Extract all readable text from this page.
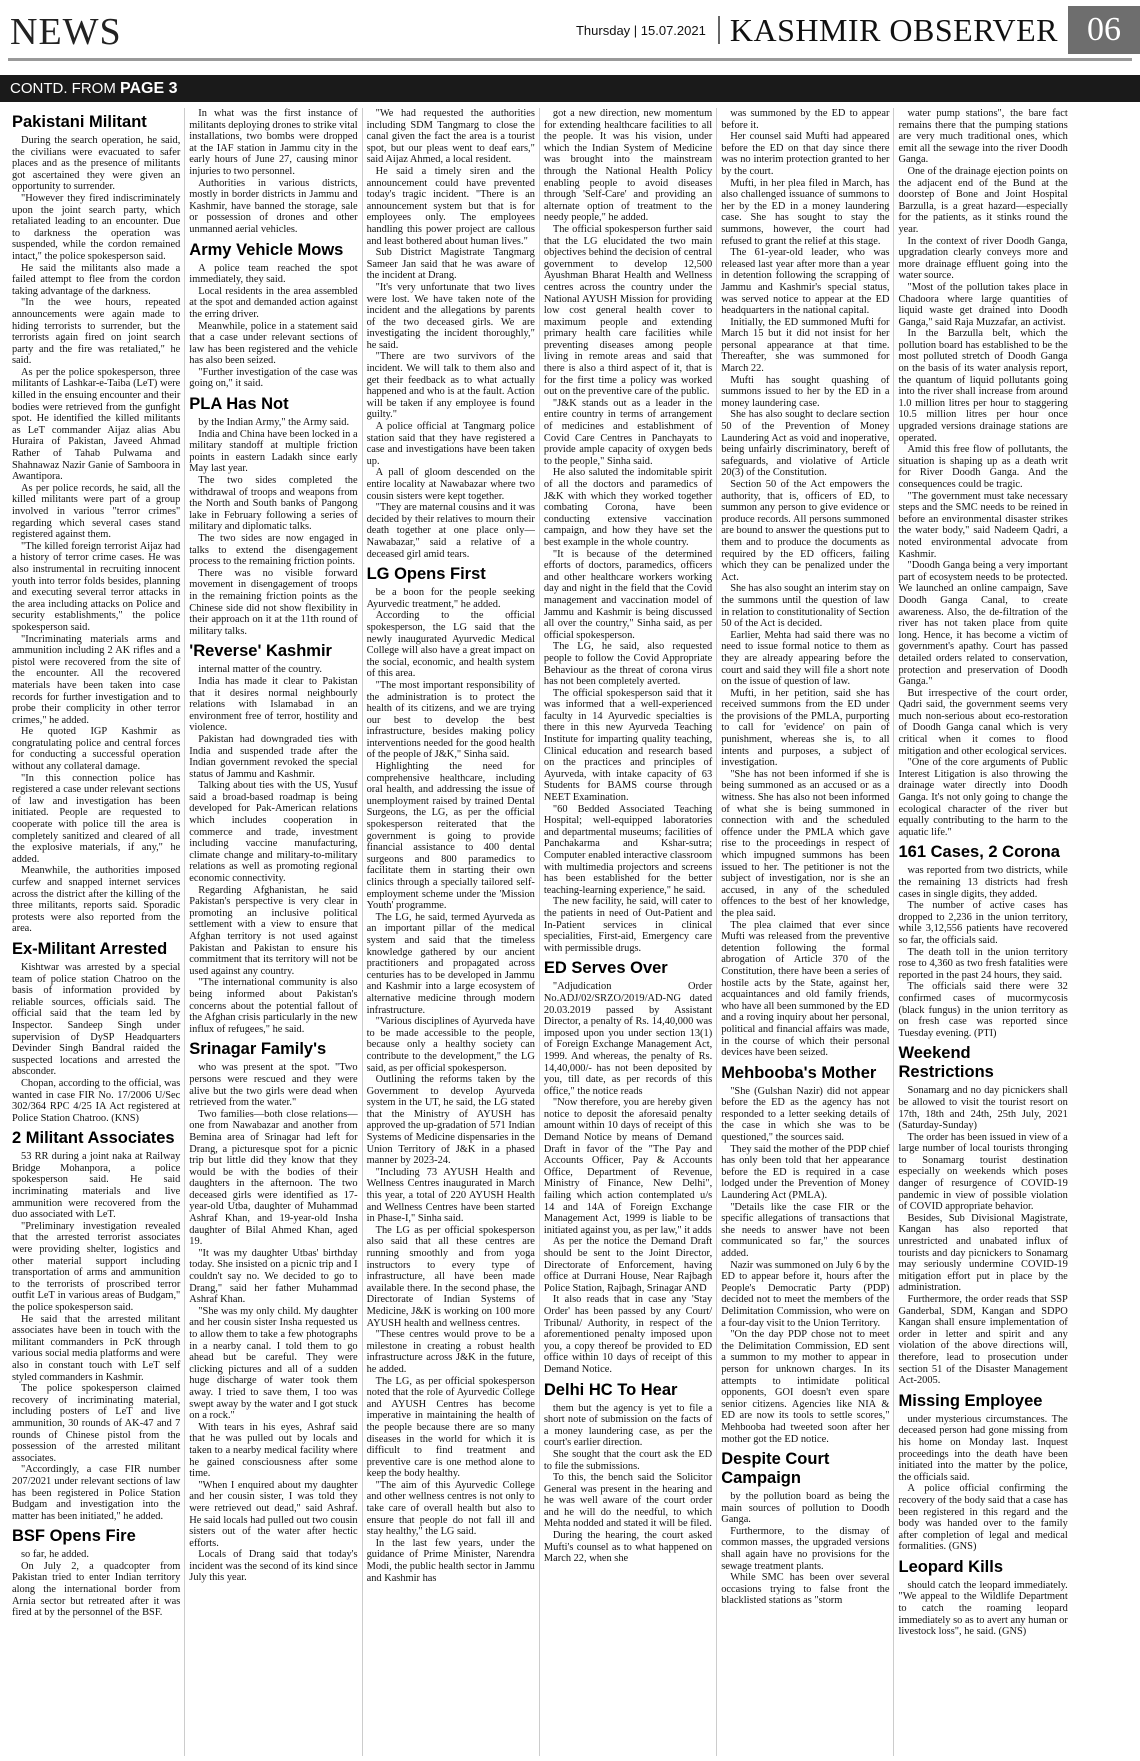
NEWS	Thursday | 15.07.2021 KASHMIR OBSERVER 06
CONTD. FROM PAGE 3
Pakistani Militant

During the search operation, he said, the civilians were evacuated to safer places and as the presence of militants got ascertained they were given an opportunity to surrender.

"However they fired indiscriminately upon the joint search party, which retaliated leading to an encounter. Due to darkness the operation was suspended, while the cordon remained intact," the police spokesperson said.

He said the militants also made a failed attempt to flee from the cordon taking advantage of the darkness.

"In the wee hours, repeated announcements were again made to hiding terrorists to surrender, but the terrorists again fired on joint search party and the fire was retaliated," he said.

As per the police spokesperson, three militants of Lashkar-e-Taiba (LeT) were killed in the ensuing encounter and their bodies were retrieved from the gunfight spot. He identified the killed militants as LeT commander Aijaz alias Abu Huraira of Pakistan, Javeed Ahmad Rather of Tahab Pulwama and Shahnawaz Nazir Ganie of Samboora in Awantipora.

As per police records, he said, all the killed militants were part of a group involved in various "terror crimes" regarding which several cases stand registered against them.

"The killed foreign terrorist Aijaz had a history of terror crime cases. He was also instrumental in recruiting innocent youth into terror folds besides, planning and executing several terror attacks in the area including attacks on Police and security establishments," the police spokesperson said.

"Incriminating materials arms and ammunition including 2 AK rifles and a pistol were recovered from the site of the encounter. All the recovered materials have been taken into case records for further investigation and to probe their complicity in other terror crimes," he added.

He quoted IGP Kashmir as congratulating police and central forces for conducting a successful operation without any collateral damage.

"In this connection police has registered a case under relevant sections of law and investigation has been initiated. People are requested to cooperate with police till the area is completely sanitized and cleared of all the explosive materials, if any," he added.

Meanwhile, the authorities imposed curfew and snapped internet services across the district after the killing of the three militants, reports said. Sporadic protests were also reported from the area.

Ex-Militant Arrested

Kishtwar was arrested by a special team of police station Chatroo on the basis of information provided by reliable sources, officials said. The official said that the team led by Inspector. Sandeep Singh under supervision of DySP Headquarters Devinder Singh Bandral raided the suspected locations and arrested the absconder.

Chopan, according to the official, was wanted in case FIR No. 17/2006 U/Sec 302/364 RPC 4/25 IA Act registered at Police Station Chatroo. (KNS)

2 Militant Associates

53 RR during a joint naka at Railway Bridge Mohanpora, a police spokesperson said. He said incriminating materials and live ammunition were recovered from the duo associated with LeT.

"Preliminary investigation revealed that the arrested terrorist associates were providing shelter, logistics and other material support including transportation of arms and ammunition to the terrorists of proscribed terror outfit LeT in various areas of Budgam," the police spokesperson said.

He said that the arrested militant associates have been in touch with the militant commanders in PcK through various social media platforms and were also in constant touch with LeT self styled commanders in Kashmir.

The police spokesperson claimed recovery of incriminating material, including posters of LeT and live ammunition, 30 rounds of AK-47 and 7 rounds of Chinese pistol from the possession of the arrested militant associates.

"Accordingly, a case FIR number 207/2021 under relevant sections of law has been registered in Police Station Budgam and investigation into the matter has been initiated," he added.

BSF Opens Fire

so far, he added.

On July 2, a quadcopter from Pakistan tried to enter Indian territory along the international border from Arnia sector but retreated after it was fired at by the personnel of the BSF.

In what was the first instance of militants deploying drones to strike vital installations, two bombs were dropped at the IAF station in Jammu city in the early hours of June 27, causing minor injuries to two personnel.

Authorities in various districts, mostly in border districts in Jammu and Kashmir, have banned the storage, sale or possession of drones and other unmanned aerial vehicles.

Army Vehicle Mows

A police team reached the spot immediately, they said.

Local residents in the area assembled at the spot and demanded action against the erring driver.

Meanwhile, police in a statement said that a case under relevant sections of law has been registered and the vehicle has also been seized.

"Further investigation of the case was going on," it said.

PLA Has Not

by the Indian Army," the Army said.

India and China have been locked in a military standoff at multiple friction points in eastern Ladakh since early May last year.

The two sides completed the withdrawal of troops and weapons from the North and South banks of Pangong lake in February following a series of military and diplomatic talks.

The two sides are now engaged in talks to extend the disengagement process to the remaining friction points.

There was no visible forward movement in disengagement of troops in the remaining friction points as the Chinese side did not show flexibility in their approach on it at the 11th round of military talks.

'Reverse' Kashmir

internal matter of the country.

India has made it clear to Pakistan that it desires normal neighbourly relations with Islamabad in an environment free of terror, hostility and violence.

Pakistan had downgraded ties with India and suspended trade after the Indian government revoked the special status of Jammu and Kashmir.

Talking about ties with the US, Yusuf said a broad-based roadmap is being developed for Pak-American relations which includes cooperation in commerce and trade, investment including vaccine manufacturing, climate change and military-to-military relations as well as promoting regional economic connectivity.

Regarding Afghanistan, he said Pakistan's perspective is very clear in promoting an inclusive political settlement with a view to ensure that Afghan territory is not used against Pakistan and Pakistan to ensure his commitment that its territory will not be used against any country.

"The international community is also being informed about Pakistan's concerns about the potential fallout of the Afghan crisis particularly in the new influx of refugees," he said.

Srinagar Family's

who was present at the spot. "Two persons were rescued and they were alive but the two girls were dead when retrieved from the water."

Two families—both close relations—one from Nawabazar and another from Bemina area of Srinagar had left for Drang, a picturesque spot for a picnic trip but little did they know that they would be with the bodies of their daughters in the afternoon. The two deceased girls were identified as 17-year-old Utba, daughter of Muhammad Ashraf Khan, and 19-year-old Insha daughter of Bilal Ahmed Khan, aged 19.

"It was my daughter Utbas' birthday today. She insisted on a picnic trip and I couldn't say no. We decided to go to Drang," said her father Muhammad Ashraf Khan.

"She was my only child. My daughter and her cousin sister Insha requested us to allow them to take a few photographs in a nearby canal. I told them to go ahead but be careful. They were clicking pictures and all of a sudden huge discharge of water took them away. I tried to save them, I too was swept away by the water and I got stuck on a rock."

With tears in his eyes, Ashraf said that he was pulled out by locals and taken to a nearby medical facility where he gained consciousness after some time.

"When I enquired about my daughter and her cousin sister, I was told they were retrieved out dead," said Ashraf. He said locals had pulled out two cousin sisters out of the water after hectic efforts.

Locals of Drang said that today's incident was the second of its kind since July this year.

"We had requested the authorities including SDM Tangmarg to close the canal given the fact the area is a tourist spot, but our pleas went to deaf ears," said Aijaz Ahmed, a local resident.

He said a timely siren and the announcement could have prevented today's tragic incident. "There is an announcement system but that is for employees only. The employees handling this power project are callous and least bothered about human lives."

Sub District Magistrate Tangmarg Sameer Jan said that he was aware of the incident at Drang.

"It's very unfortunate that two lives were lost. We have taken note of the incident and the allegations by parents of the two deceased girls. We are investigating the incident thoroughly," he said.

"There are two survivors of the incident. We will talk to them also and get their feedback as to what actually happened and who is at the fault. Action will be taken if any employee is found guilty."

A police official at Tangmarg police station said that they have registered a case and investigations have been taken up.

A pall of gloom descended on the entire locality at Nawabazar where two cousin sisters were kept together.

"They are maternal cousins and it was decided by their relatives to mourn their death together at one place only—Nawabazar," said a relative of a deceased girl amid tears.

LG Opens First

be a boon for the people seeking Ayurvedic treatment," he added.

According to the official spokesperson, the LG said that the newly inaugurated Ayurvedic Medical College will also have a great impact on the social, economic, and health system of this area.

"The most important responsibility of the administration is to protect the health of its citizens, and we are trying our best to develop the best infrastructure, besides making policy interventions needed for the good health of the people of J&K," Sinha said.

Highlighting the need for comprehensive healthcare, including oral health, and addressing the issue of unemployment raised by trained Dental Surgeons, the LG, as per the official spokesperson reiterated that the government is going to provide financial assistance to 400 dental surgeons and 800 paramedics to facilitate them in starting their own clinics through a specially tailored self-employment scheme under the 'Mission Youth' programme.

The LG, he said, termed Ayurveda as an important pillar of the medical system and said that the timeless knowledge gathered by our ancient practitioners and propagated across centuries has to be developed in Jammu and Kashmir into a large ecosystem of alternative medicine through modern infrastructure.

"Various disciplines of Ayurveda have to be made accessible to the people, because only a healthy society can contribute to the development," the LG said, as per official spokesperson.

Outlining the reforms taken by the Government to develop Ayurveda system in the UT, he said, the LG stated that the Ministry of AYUSH has approved the up-gradation of 571 Indian Systems of Medicine dispensaries in the Union Territory of J&K in a phased manner by 2023-24.

"Including 73 AYUSH Health and Wellness Centres inaugurated in March this year, a total of 220 AYUSH Health and Wellness Centres have been started in Phase-I," Sinha said.

The LG as per official spokesperson also said that all these centres are running smoothly and from yoga instructors to every type of infrastructure, all have been made available there. In the second phase, the Directorate of Indian Systems of Medicine, J&K is working on 100 more AYUSH health and wellness centres.

"These centres would prove to be a milestone in creating a robust health infrastructure across J&K in the future, he added.

The LG, as per official spokesperson noted that the role of Ayurvedic College and AYUSH Centres has become imperative in maintaining the health of the people because there are so many diseases in the world for which it is difficult to find treatment and preventive care is one method alone to keep the body healthy.

"The aim of this Ayurvedic College and other wellness centres is not only to take care of overall health but also to ensure that people do not fall ill and stay healthy," the LG said.

In the last few years, under the guidance of Prime Minister, Narendra Modi, the public health sector in Jammu and Kashmir has

got a new direction, new momentum for extending healthcare facilities to all the people. It was his vision, under which the Indian System of Medicine was brought into the mainstream through the National Health Policy enabling people to avoid diseases through 'Self-Care' and providing an alternate option of treatment to the needy people," he added.

The official spokesperson further said that the LG elucidated the two main objectives behind the decision of central government to develop 12,500 Ayushman Bharat Health and Wellness centres across the country under the National AYUSH Mission for providing low cost general health cover to maximum people and extending primary health care facilities while preventing diseases among people living in remote areas and said that there is also a third aspect of it, that is for the first time a policy was worked out on the preventive care of the public.

"J&K stands out as a leader in the entire country in terms of arrangement of medicines and establishment of Covid Care Centres in Panchayats to provide ample capacity of oxygen beds to the people," Sinha said.

He also saluted the indomitable spirit of all the doctors and paramedics of J&K with which they worked together combating Corona, have been conducting extensive vaccination campaign, and how they have set the best example in the whole country.

"It is because of the determined efforts of doctors, paramedics, officers and other healthcare workers working day and night in the field that the Covid management and vaccination model of Jammu and Kashmir is being discussed all over the country," Sinha said, as per official spokesperson.

The LG, he said, also requested people to follow the Covid Appropriate Behaviour as the threat of corona virus has not been completely averted.

The official spokesperson said that it was informed that a well-experienced faculty in 14 Ayurvedic specialties is there in this new Ayurveda Teaching Institute for imparting quality teaching, Clinical education and research based on the practices and principles of Ayurveda, with intake capacity of 63 Students for BAMS course through NEET Examination.

"60 Bedded Associated Teaching Hospital; well-equipped laboratories and departmental museums; facilities of Panchakarma and Kshar-sutra; Computer enabled interactive classroom with multimedia projectors and screens has been established for the better teaching-learning experience," he said.

The new facility, he said, will cater to the patients in need of Out-Patient and In-Patient services in clinical specialities, First-aid, Emergency care with permissible drugs.

ED Serves Over

"Adjudication Order No.ADJ/02/SRZO/2019/AD-NG dated 20.03.2019 passed by Assistant Director, a penalty of Rs. 14,40,000 was imposed upon you under section 13(1) of Foreign Exchange Management Act, 1999. And whereas, the penalty of Rs. 14,40,000/- has not been deposited by you, till date, as per records of this office," the notice reads

"Now therefore, you are hereby given notice to deposit the aforesaid penalty amount within 10 days of receipt of this Demand Notice by means of Demand Draft in favor of the "The Pay and Accounts Officer, Pay & Accounts Office, Department of Revenue, Ministry of Finance, New Delhi", failing which action contemplated u/s 14 and 14A of Foreign Exchange Management Act, 1999 is liable to be initiated against you, as per law," it adds

As per the notice the Demand Draft should be sent to the Joint Director, Directorate of Enforcement, having office at Durrani House, Near Rajbagh Police Station, Rajbagh, Srinagar AND

It also reads that in case any 'Stay Order' has been passed by any Court/ Tribunal/ Authority, in respect of the aforementioned penalty imposed upon you, a copy thereof be provided to ED office within 10 days of receipt of this Demand Notice.

Delhi HC To Hear

them but the agency is yet to file a short note of submission on the facts of a money laundering case, as per the court's earlier direction.

She sought that the court ask the ED to file the submissions.

To this, the bench said the Solicitor General was present in the hearing and he was well aware of the court order and he will do the needful, to which Mehta nodded and stated it will be filed.

During the hearing, the court asked Mufti's counsel as to what happened on March 22, when she

was summoned by the ED to appear before it.

Her counsel said Mufti had appeared before the ED on that day since there was no interim protection granted to her by the court.

Mufti, in her plea filed in March, has also challenged issuance of summons to her by the ED in a money laundering case. She has sought to stay the summons, however, the court had refused to grant the relief at this stage.

The 61-year-old leader, who was released last year after more than a year in detention following the scrapping of Jammu and Kashmir's special status, was served notice to appear at the ED headquarters in the national capital.

Initially, the ED summoned Mufti for March 15 but it did not insist for her personal appearance at that time. Thereafter, she was summoned for March 22.

Mufti has sought quashing of summons issued to her by the ED in a money laundering case.

She has also sought to declare section 50 of the Prevention of Money Laundering Act as void and inoperative, being unfairly discriminatory, bereft of safeguards, and violative of Article 20(3) of the Constitution.

Section 50 of the Act empowers the authority, that is, officers of ED, to summon any person to give evidence or produce records. All persons summoned are bound to answer the questions put to them and to produce the documents as required by the ED officers, failing which they can be penalized under the Act.

She has also sought an interim stay on the summons until the question of law in relation to constitutionality of Section 50 of the Act is decided.

Earlier, Mehta had said there was no need to issue formal notice to them as they are already appearing before the court and said they will file a short note on the issue of question of law.

Mufti, in her petition, said she has received summons from the ED under the provisions of the PMLA, purporting to call for 'evidence' on pain of punishment, whereas she is, to all intents and purposes, a subject of investigation.

"She has not been informed if she is being summoned as an accused or as a witness. She has also not been informed of what she is being summoned in connection with and the scheduled offence under the PMLA which gave rise to the proceedings in respect of which impugned summons has been issued to her. The petitioner is not the subject of investigation, nor is she an accused, in any of the scheduled offences to the best of her knowledge, the plea said.

The plea claimed that ever since Mufti was released from the preventive detention following the formal abrogation of Article 370 of the Constitution, there have been a series of hostile acts by the State, against her, acquaintances and old family friends, who have all been summoned by the ED and a roving inquiry about her personal, political and financial affairs was made, in the course of which their personal devices have been seized.

Mehbooba's Mother

"She (Gulshan Nazir) did not appear before the ED as the agency has not responded to a letter seeking details of the case in which she was to be questioned," the sources said.

They said the mother of the PDP chief has only been told that her appearance before the ED is required in a case lodged under the Prevention of Money Laundering Act (PMLA).

"Details like the case FIR or the specific allegations of transactions that she needs to answer have not been communicated so far," the sources added.

Nazir was summoned on July 6 by the ED to appear before it, hours after the People's Democratic Party (PDP) decided not to meet the members of the Delimitation Commission, who were on a four-day visit to the Union Territory.

"On the day PDP chose not to meet the Delimitation Commission, ED sent a summon to my mother to appear in person for unknown charges. In its attempts to intimidate political opponents, GOI doesn't even spare senior citizens. Agencies like NIA & ED are now its tools to settle scores," Mehbooba had tweeted soon after her mother got the ED notice.

Despite Court Campaign

by the pollution board as being the main sources of pollution to Doodh Ganga.

Furthermore, to the dismay of common masses, the upgraded versions shall again have no provisions for the sewage treatment plants.

While SMC has been over several occasions trying to false front the blacklisted stations as "storm

water pump stations", the bare fact remains there that the pumping stations are very much traditional ones, which emit all the sewage into the river Doodh Ganga.

One of the drainage ejection points on the adjacent end of the Bund at the doorstep of Bone and Joint Hospital Barzulla, is a great hazard—especially for the patients, as it stinks round the year.

In the context of river Doodh Ganga, upgradation clearly conveys more and more drainage effluent going into the water source.

"Most of the pollution takes place in Chadoora where large quantities of liquid waste get drained into Doodh Ganga," said Raja Muzzafar, an activist.

In the Barzulla belt, which the pollution board has established to be the most polluted stretch of Doodh Ganga on the basis of its water analysis report, the quantum of liquid pollutants going into the river shall increase from around 1.0 million litres per hour to staggering 10.5 million litres per hour once upgraded versions drainage stations are operated.

Amid this free flow of pollutants, the situation is shaping up as a death writ for River Doodh Ganga. And the consequences could be tragic.

"The government must take necessary steps and the SMC needs to be reined in before an environmental disaster strikes the water body," said Nadeem Qadri, a noted environmental advocate from Kashmir.

"Doodh Ganga being a very important part of ecosystem needs to be protected. We launched an online campaign, Save Doodh Ganga Canal, to create awareness. Also, the de-filtration of the river has not taken place from quite long. Hence, it has become a victim of government's apathy. Court has passed detailed orders related to conservation, protection and preservation of Doodh Ganga."

But irrespective of the court order, Qadri said, the government seems very much non-serious about eco-restoration of Doodh Ganga canal which is very critical when it comes to flood mitigation and other ecological services.

"One of the core arguments of Public Interest Litigation is also throwing the drainage water directly into Doodh Ganga. It's not only going to change the ecological character of the river but equally contributing to the harm to the aquatic life."

161 Cases, 2 Corona

was reported from two districts, while the remaining 13 districts had fresh cases in single digits, they added.

The number of active cases has dropped to 2,236 in the union territory, while 3,12,556 patients have recovered so far, the officials said.

The death toll in the union territory rose to 4,360 as two fresh fatalities were reported in the past 24 hours, they said.

The officials said there were 32 confirmed cases of mucormycosis (black fungus) in the union territory as on fresh case was reported since Tuesday evening. (PTI)

Weekend Restrictions

Sonamarg and no day picnickers shall be allowed to visit the tourist resort on 17th, 18th and 24th, 25th July, 2021 (Saturday-Sunday)

The order has been issued in view of a large number of local tourists thronging to Sonamarg tourist destination especially on weekends which poses danger of resurgence of COVID-19 pandemic in view of possible violation of COVID appropriate behavior.

Besides, Sub Divisional Magistrate, Kangan has also reported that unrestricted and unabated influx of tourists and day picnickers to Sonamarg may seriously undermine COVID-19 mitigation effort put in place by the administration.

Furthermore, the order reads that SSP Ganderbal, SDM, Kangan and SDPO Kangan shall ensure implementation of order in letter and spirit and any violation of the above directions will, therefore, lead to prosecution under section 51 of the Disaster Management Act-2005.

Missing Employee

under mysterious circumstances. The deceased person had gone missing from his home on Monday last. Inquest proceedings into the death have been initiated into the matter by the police, the officials said.

A police official confirming the recovery of the body said that a case has been registered in this regard and the body was handed over to the family after completion of legal and medical formalities. (GNS)

Leopard Kills

should catch the leopard immediately. "We appeal to the Wildlife Department to catch the roaming leopard immediately so as to avert any human or livestock loss", he said. (GNS)
